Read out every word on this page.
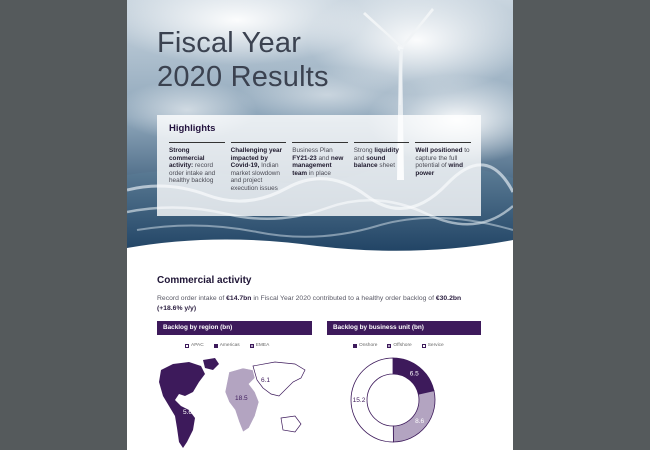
Fiscal Year
2020 Results
Highlights
Strong commercial activity: record order intake and healthy backlog
Challenging year impacted by Covid-19, Indian market slowdown and project execution issues
Business Plan FY21-23 and new management team in place
Strong liquidity and sound balance sheet
Well positioned to capture the full potential of wind power
Commercial activity
Record order intake of €14.7bn in Fiscal Year 2020 contributed to a healthy order backlog of €30.2bn (+18.6% y/y)
Backlog by region (bn)
APAC	Americas	EMEA
5.6
18.5
6.1
Backlog by business unit (bn)
Onshore	Offshore	Service
6.5
8.6
15.2
